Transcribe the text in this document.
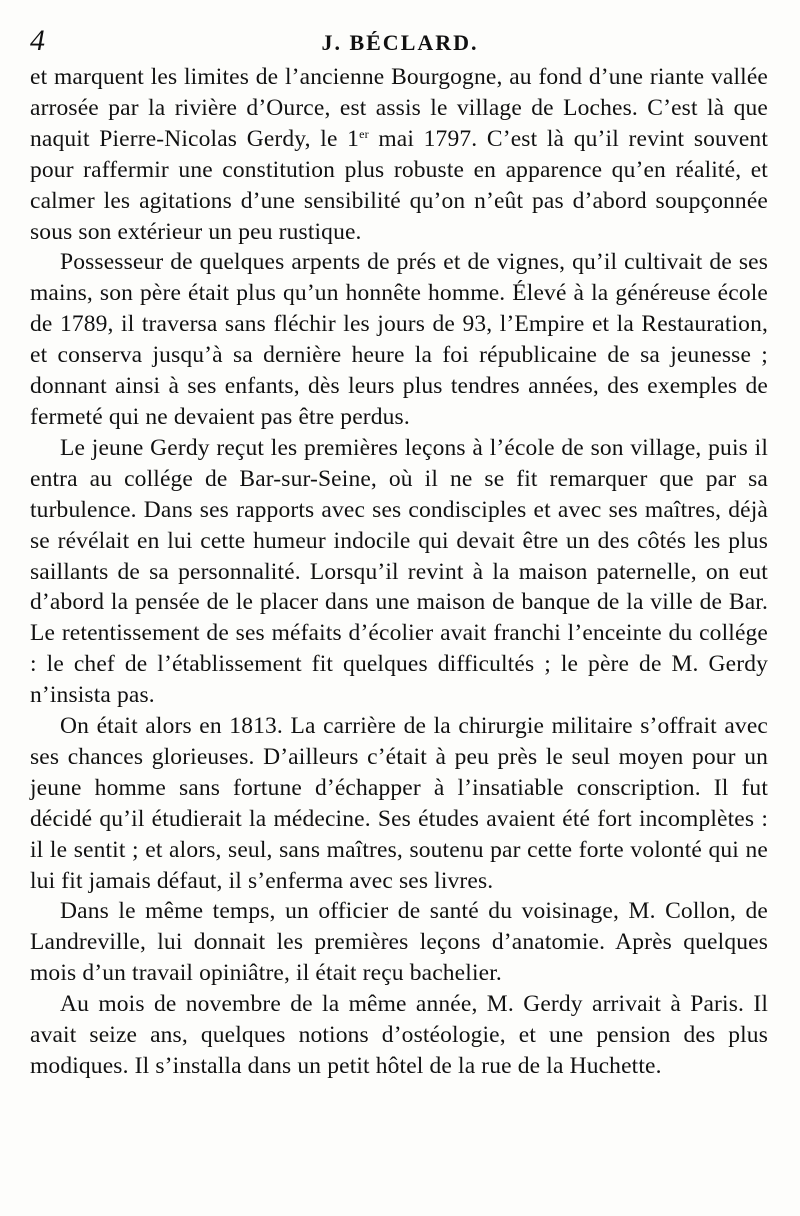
4	J. BÉCLARD.

et marquent les limites de l’ancienne Bourgogne, au fond d’une riante vallée arrosée par la rivière d’Ource, est assis le village de Loches. C’est là que naquit Pierre-Nicolas Gerdy, le 1er mai 1797. C’est là qu’il revint souvent pour raffermir une constitution plus robuste en apparence qu’en réalité, et calmer les agitations d’une sensibilité qu’on n’eût pas d’abord soupçonnée sous son extérieur un peu rustique.

Possesseur de quelques arpents de prés et de vignes, qu’il cultivait de ses mains, son père était plus qu’un honnête homme. Élevé à la généreuse école de 1789, il traversa sans fléchir les jours de 93, l’Empire et la Restauration, et conserva jusqu’à sa dernière heure la foi républicaine de sa jeunesse ; donnant ainsi à ses enfants, dès leurs plus tendres années, des exemples de fermeté qui ne devaient pas être perdus.

Le jeune Gerdy reçut les premières leçons à l’école de son village, puis il entra au collége de Bar-sur-Seine, où il ne se fit remarquer que par sa turbulence. Dans ses rapports avec ses condisciples et avec ses maîtres, déjà se révélait en lui cette humeur indocile qui devait être un des côtés les plus saillants de sa personnalité. Lorsqu’il revint à la maison paternelle, on eut d’abord la pensée de le placer dans une maison de banque de la ville de Bar. Le retentissement de ses méfaits d’écolier avait franchi l’enceinte du collége : le chef de l’établissement fit quelques difficultés ; le père de M. Gerdy n’insista pas.

On était alors en 1813. La carrière de la chirurgie militaire s’offrait avec ses chances glorieuses. D’ailleurs c’était à peu près le seul moyen pour un jeune homme sans fortune d’échapper à l’insatiable conscription. Il fut décidé qu’il étudierait la médecine. Ses études avaient été fort incomplètes : il le sentit ; et alors, seul, sans maîtres, soutenu par cette forte volonté qui ne lui fit jamais défaut, il s’enferma avec ses livres.

Dans le même temps, un officier de santé du voisinage, M. Collon, de Landreville, lui donnait les premières leçons d’anatomie. Après quelques mois d’un travail opiniâtre, il était reçu bachelier.

Au mois de novembre de la même année, M. Gerdy arrivait à Paris. Il avait seize ans, quelques notions d’ostéologie, et une pension des plus modiques. Il s’installa dans un petit hôtel de la rue de la Huchette.
